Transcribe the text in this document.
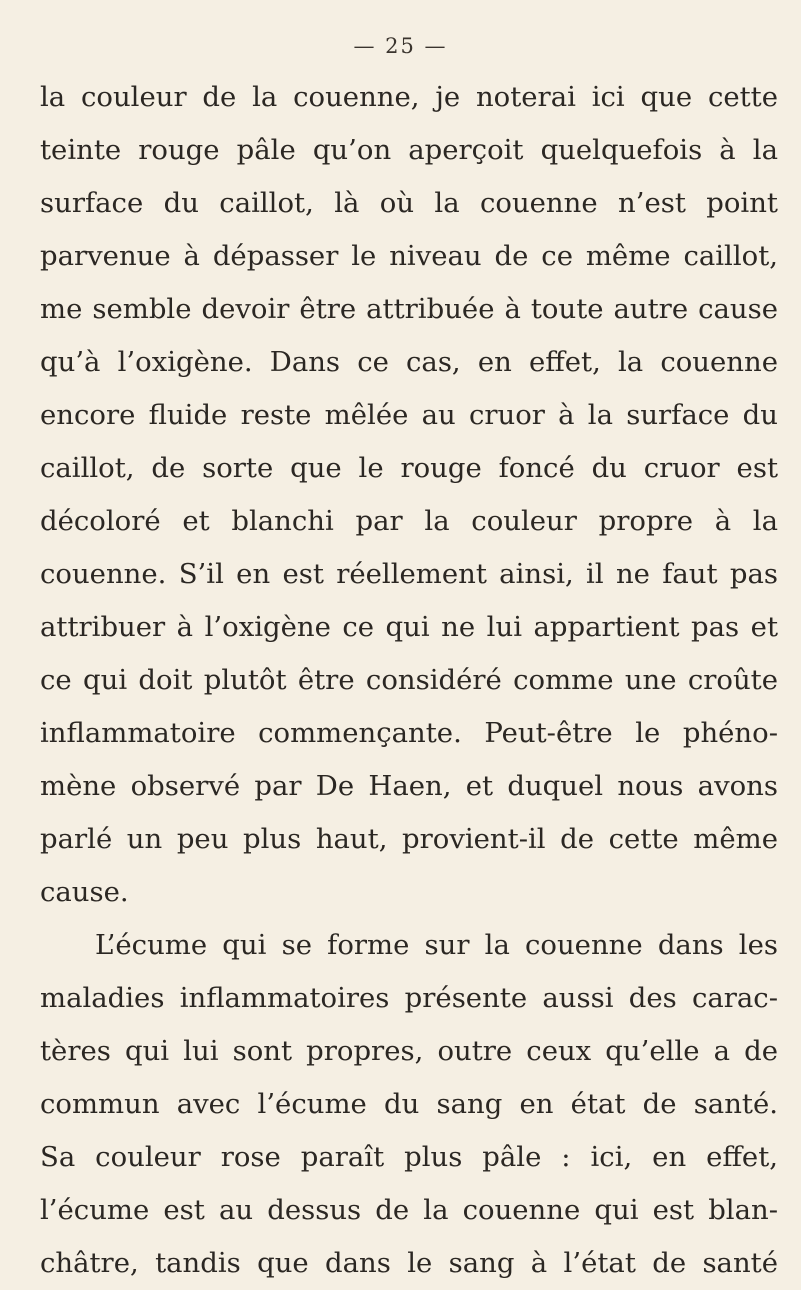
— 25 —
la couleur de la couenne, je noterai ici que cette
teinte rouge pâle qu’on aperçoit quelquefois à la
surface du caillot, là où la couenne n’est point
parvenue à dépasser le niveau de ce même caillot,
me semble devoir être attribuée à toute autre cause
qu’à l’oxigène. Dans ce cas, en effet, la couenne
encore fluide reste mêlée au cruor à la surface du
caillot, de sorte que le rouge foncé du cruor est
décoloré et blanchi par la couleur propre à la
couenne. S’il en est réellement ainsi, il ne faut pas
attribuer à l’oxigène ce qui ne lui appartient pas et
ce qui doit plutôt être considéré comme une croûte
inflammatoire commençante. Peut-être le phéno-
mène observé par De Haen, et duquel nous avons
parlé un peu plus haut, provient-il de cette même
cause.
L’écume qui se forme sur la couenne dans les
maladies inflammatoires présente aussi des carac-
tères qui lui sont propres, outre ceux qu’elle a de
commun avec l’écume du sang en état de santé.
Sa couleur rose paraît plus pâle : ici, en effet,
l’écume est au dessus de la couenne qui est blan-
châtre, tandis que dans le sang à l’état de santé
